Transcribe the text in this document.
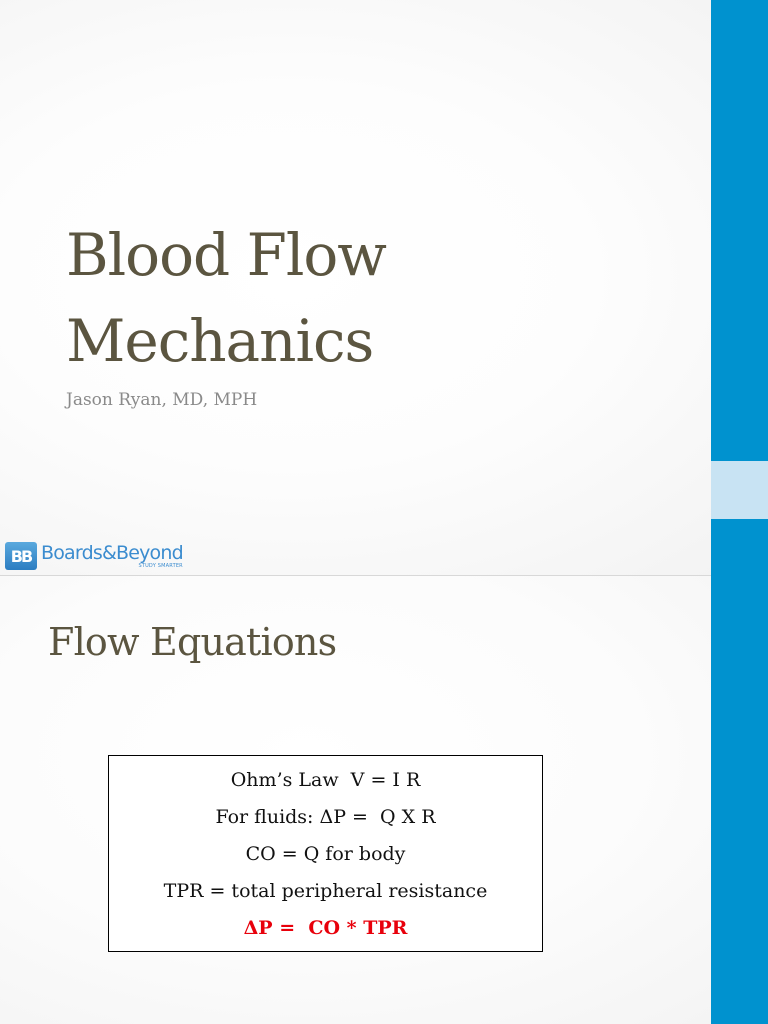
Blood Flow
Mechanics
Jason Ryan, MD, MPH
BB Boards&Beyond
STUDY SMARTER
Flow Equations
Ohm’s Law  V = I R
For fluids: ΔP =  Q X R
CO = Q for body
TPR = total peripheral resistance
ΔP =  CO * TPR
